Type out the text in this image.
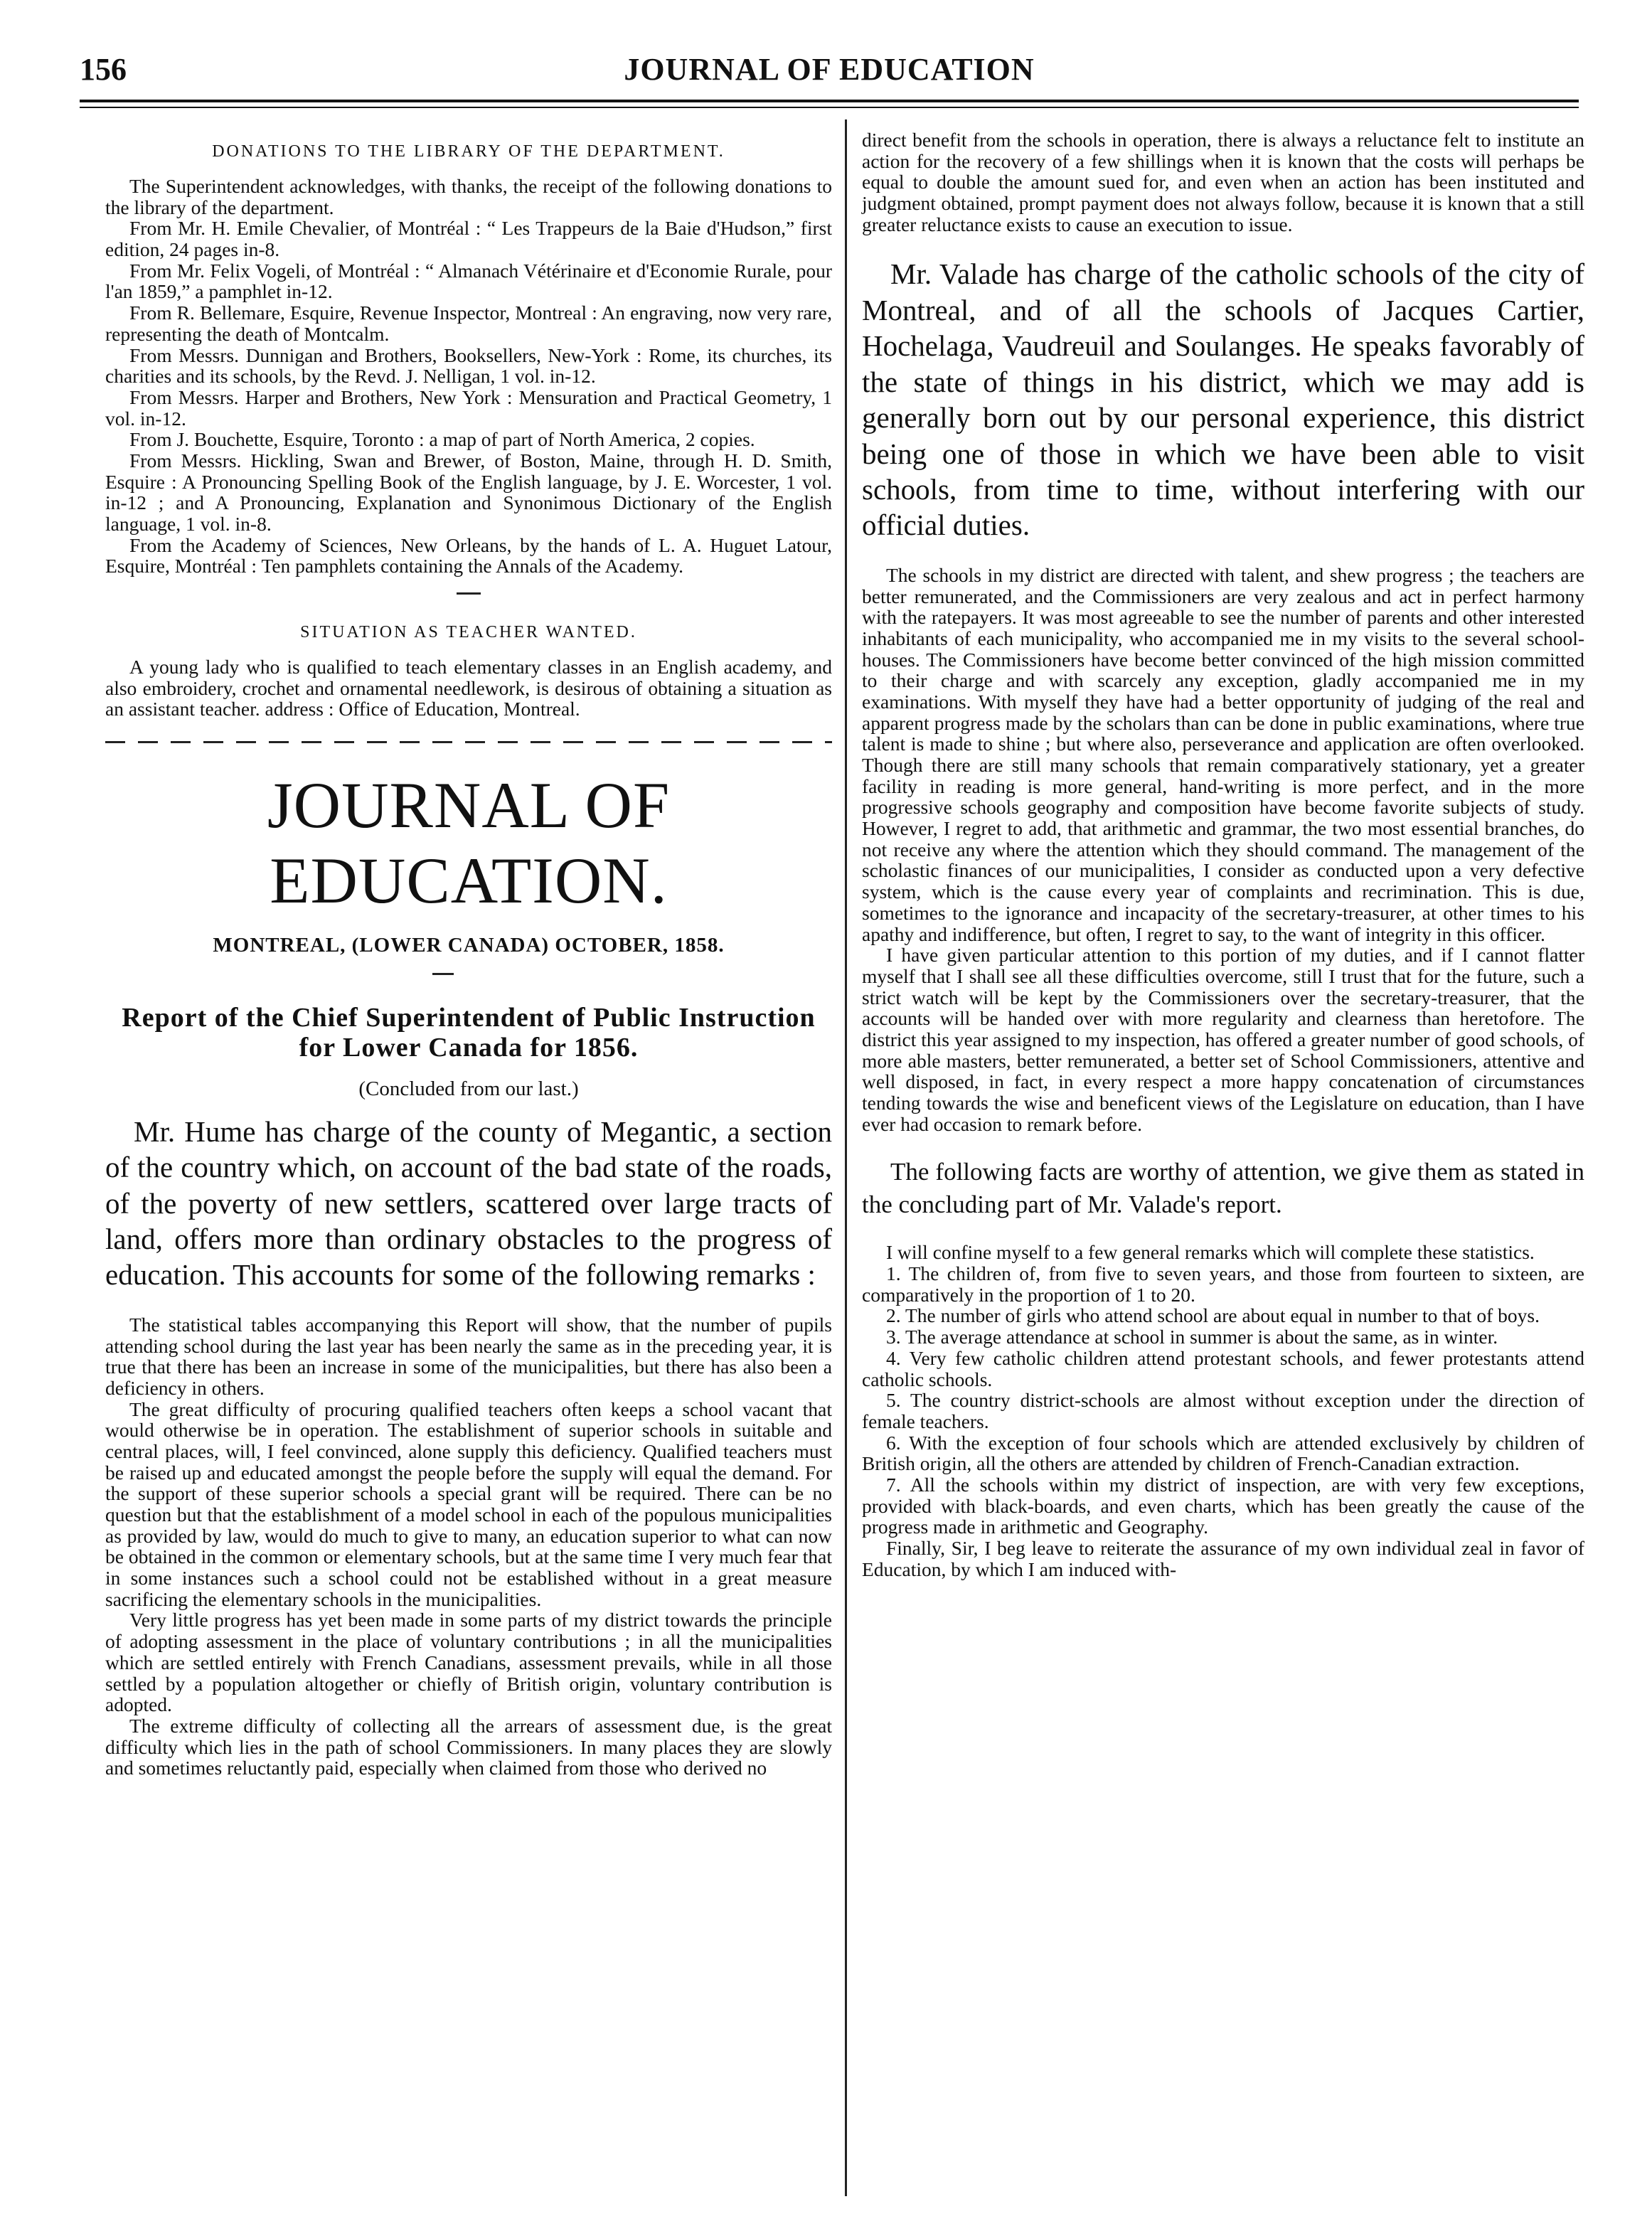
156	JOURNAL OF EDUCATION
DONATIONS TO THE LIBRARY OF THE DEPARTMENT.

The Superintendent acknowledges, with thanks, the receipt of the following donations to the library of the department.

From Mr. H. Emile Chevalier, of Montréal : “ Les Trappeurs de la Baie d'Hudson,” first edition, 24 pages in-8.

From Mr. Felix Vogeli, of Montréal : “ Almanach Vétérinaire et d'Economie Rurale, pour l'an 1859,” a pamphlet in-12.

From R. Bellemare, Esquire, Revenue Inspector, Montreal : An engraving, now very rare, representing the death of Montcalm.

From Messrs. Dunnigan and Brothers, Booksellers, New-York : Rome, its churches, its charities and its schools, by the Revd. J. Nelligan, 1 vol. in-12.

From Messrs. Harper and Brothers, New York : Mensuration and Practical Geometry, 1 vol. in-12.

From J. Bouchette, Esquire, Toronto : a map of part of North America, 2 copies.

From Messrs. Hickling, Swan and Brewer, of Boston, Maine, through H. D. Smith, Esquire : A Pronouncing Spelling Book of the English language, by J. E. Worcester, 1 vol. in-12 ; and A Pronouncing, Explanation and Synonimous Dictionary of the English language, 1 vol. in-8.

From the Academy of Sciences, New Orleans, by the hands of L. A. Huguet Latour, Esquire, Montréal : Ten pamphlets containing the Annals of the Academy.

SITUATION AS TEACHER WANTED.

A young lady who is qualified to teach elementary classes in an English academy, and also embroidery, crochet and ornamental needlework, is desirous of obtaining a situation as an assistant teacher. address : Office of Education, Montreal.

JOURNAL OF EDUCATION.
MONTREAL, (LOWER CANADA) OCTOBER, 1858.
Report of the Chief Superintendent of Public Instruction for Lower Canada for 1856.
(Concluded from our last.)

Mr. Hume has charge of the county of Megantic, a section of the country which, on account of the bad state of the roads, of the poverty of new settlers, scattered over large tracts of land, offers more than ordinary obstacles to the progress of education. This accounts for some of the following remarks :

The statistical tables accompanying this Report will show, that the number of pupils attending school during the last year has been nearly the same as in the preceding year, it is true that there has been an increase in some of the municipalities, but there has also been a deficiency in others.

The great difficulty of procuring qualified teachers often keeps a school vacant that would otherwise be in operation. The establishment of superior schools in suitable and central places, will, I feel convinced, alone supply this deficiency. Qualified teachers must be raised up and educated amongst the people before the supply will equal the demand. For the support of these superior schools a special grant will be required. There can be no question but that the establishment of a model school in each of the populous municipalities as provided by law, would do much to give to many, an education superior to what can now be obtained in the common or elementary schools, but at the same time I very much fear that in some instances such a school could not be established without in a great measure sacrificing the elementary schools in the municipalities.

Very little progress has yet been made in some parts of my district towards the principle of adopting assessment in the place of voluntary contributions ; in all the municipalities which are settled entirely with French Canadians, assessment prevails, while in all those settled by a population altogether or chiefly of British origin, voluntary contribution is adopted.

The extreme difficulty of collecting all the arrears of assessment due, is the great difficulty which lies in the path of school Commissioners. In many places they are slowly and sometimes reluctantly paid, especially when claimed from those who derived no

direct benefit from the schools in operation, there is always a reluctance felt to institute an action for the recovery of a few shillings when it is known that the costs will perhaps be equal to double the amount sued for, and even when an action has been instituted and judgment obtained, prompt payment does not always follow, because it is known that a still greater reluctance exists to cause an execution to issue.

Mr. Valade has charge of the catholic schools of the city of Montreal, and of all the schools of Jacques Cartier, Hochelaga, Vaudreuil and Soulanges. He speaks favorably of the state of things in his district, which we may add is generally born out by our personal experience, this district being one of those in which we have been able to visit schools, from time to time, without interfering with our official duties.

The schools in my district are directed with talent, and shew progress ; the teachers are better remunerated, and the Commissioners are very zealous and act in perfect harmony with the ratepayers. It was most agreeable to see the number of parents and other interested inhabitants of each municipality, who accompanied me in my visits to the several school-houses. The Commissioners have become better convinced of the high mission committed to their charge and with scarcely any exception, gladly accompanied me in my examinations. With myself they have had a better opportunity of judging of the real and apparent progress made by the scholars than can be done in public examinations, where true talent is made to shine ; but where also, perseverance and application are often overlooked. Though there are still many schools that remain comparatively stationary, yet a greater facility in reading is more general, hand-writing is more perfect, and in the more progressive schools geography and composition have become favorite subjects of study. However, I regret to add, that arithmetic and grammar, the two most essential branches, do not receive any where the attention which they should command. The management of the scholastic finances of our municipalities, I consider as conducted upon a very defective system, which is the cause every year of complaints and recrimination. This is due, sometimes to the ignorance and incapacity of the secretary-treasurer, at other times to his apathy and indifference, but often, I regret to say, to the want of integrity in this officer.

I have given particular attention to this portion of my duties, and if I cannot flatter myself that I shall see all these difficulties overcome, still I trust that for the future, such a strict watch will be kept by the Commissioners over the secretary-treasurer, that the accounts will be handed over with more regularity and clearness than heretofore. The district this year assigned to my inspection, has offered a greater number of good schools, of more able masters, better remunerated, a better set of School Commissioners, attentive and well disposed, in fact, in every respect a more happy concatenation of circumstances tending towards the wise and beneficent views of the Legislature on education, than I have ever had occasion to remark before.

The following facts are worthy of attention, we give them as stated in the concluding part of Mr. Valade's report.

I will confine myself to a few general remarks which will complete these statistics.

1. The children of, from five to seven years, and those from fourteen to sixteen, are comparatively in the proportion of 1 to 20.

2. The number of girls who attend school are about equal in number to that of boys.

3. The average attendance at school in summer is about the same, as in winter.

4. Very few catholic children attend protestant schools, and fewer protestants attend catholic schools.

5. The country district-schools are almost without exception under the direction of female teachers.

6. With the exception of four schools which are attended exclusively by children of British origin, all the others are attended by children of French-Canadian extraction.

7. All the schools within my district of inspection, are with very few exceptions, provided with black-boards, and even charts, which has been greatly the cause of the progress made in arithmetic and Geography.

Finally, Sir, I beg leave to reiterate the assurance of my own individual zeal in favor of Education, by which I am induced with-
